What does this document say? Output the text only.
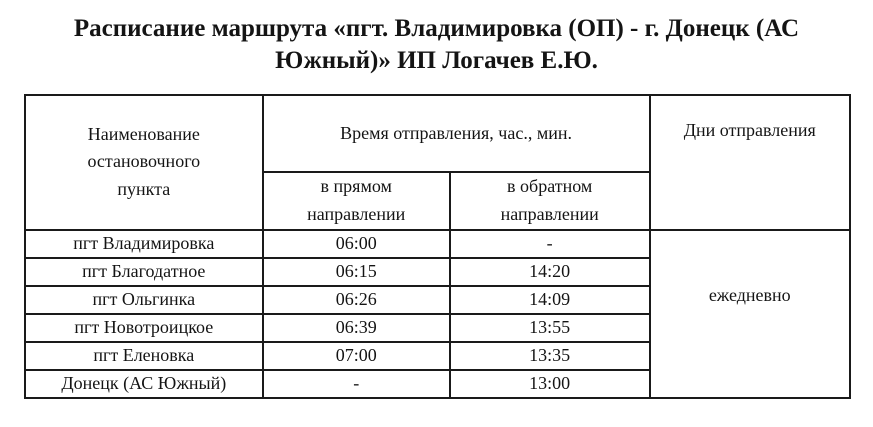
Расписание маршрута «пгт. Владимировка (ОП) - г. Донецк (АС
Южный)» ИП Логачев Е.Ю.
Наименование остановочного пункта	Время отправления, час., мин.		Дни отправления

	в прямом направлении	в обратном направлении	

пгт Владимировка	06:00	-	ежедневно
пгт Благодатное	06:15	14:20	
пгт Ольгинка	06:26	14:09	
пгт Новотроицкое	06:39	13:55	
пгт Еленовка	07:00	13:35	
Донецк (АС Южный)	-	13:00	
